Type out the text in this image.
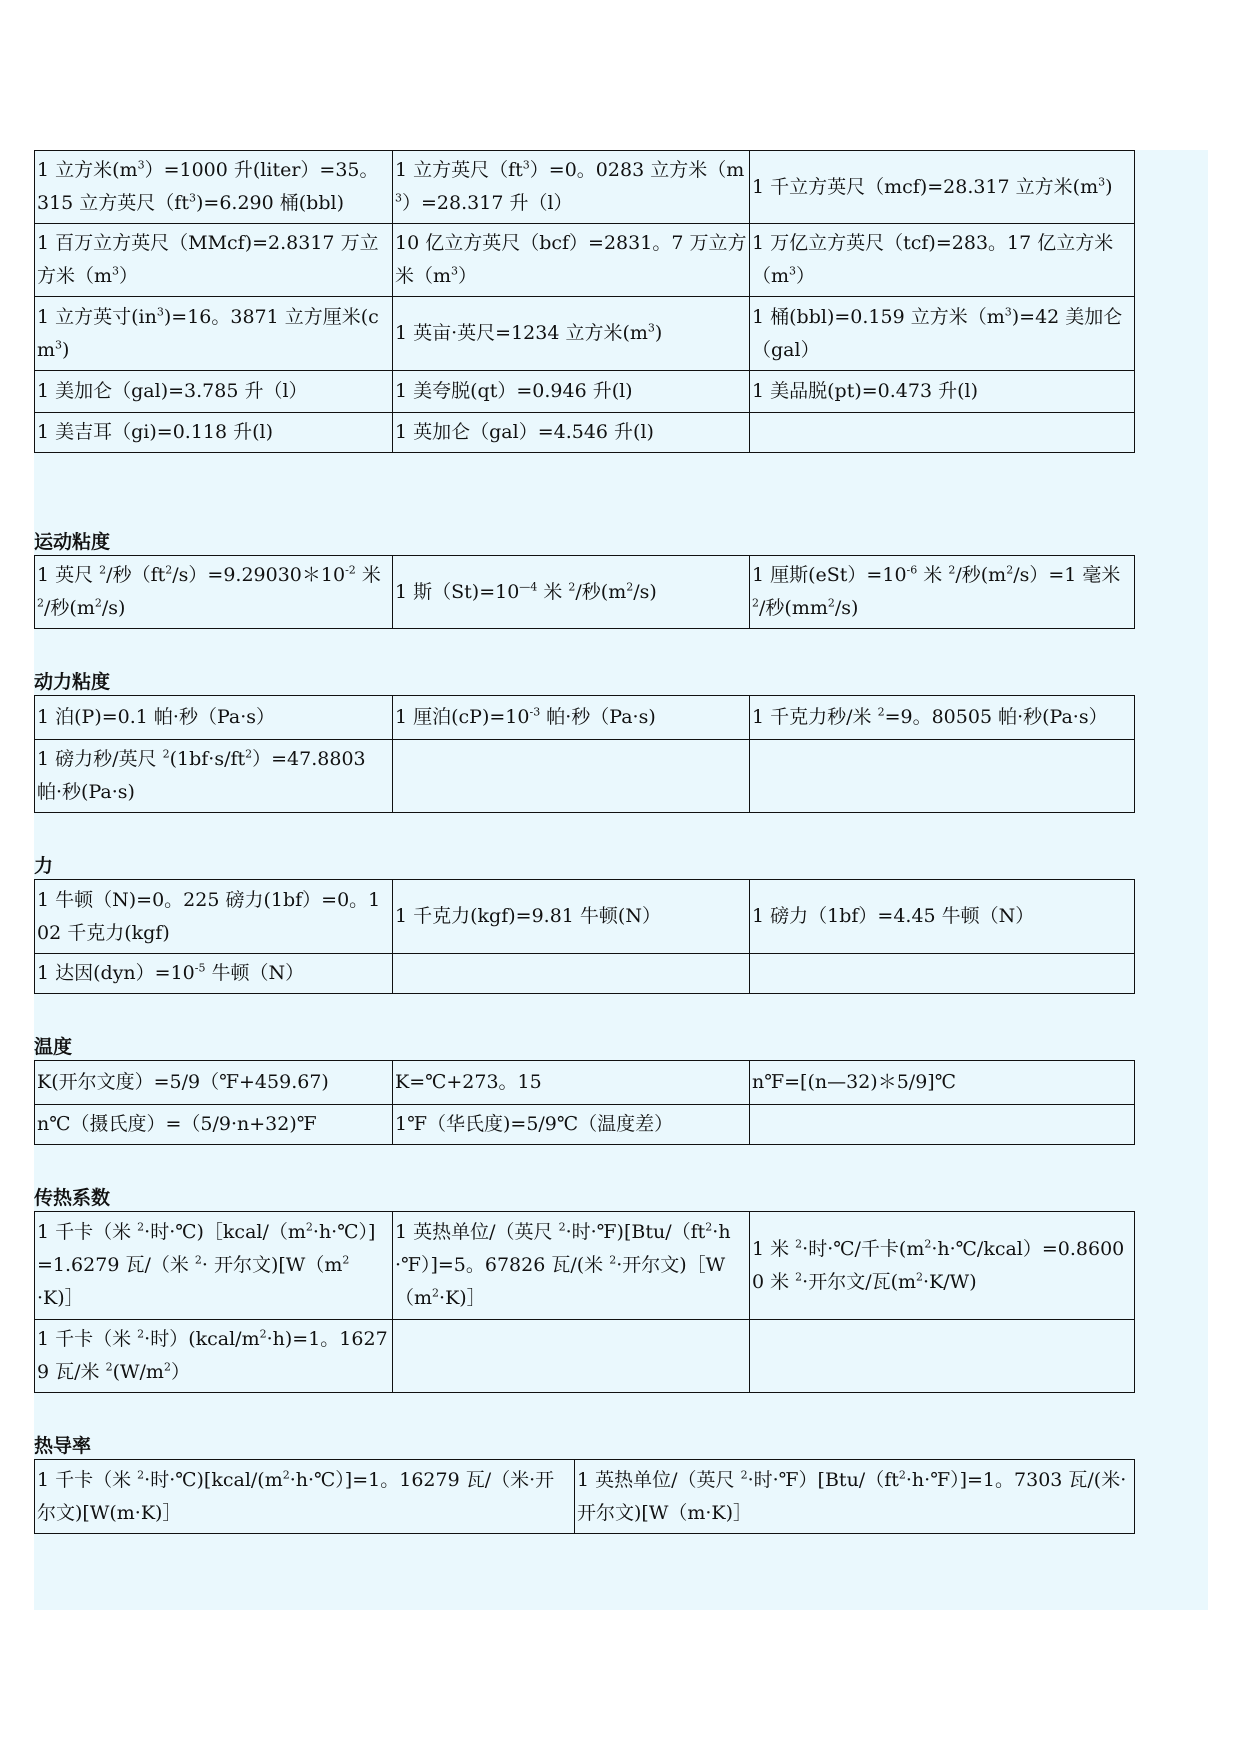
1 立方米$(m^3)=1000$ 升(liter）=35。315 立方英尺$(ft^3)=6.290$ 桶(bbl)	1 立方英尺$(ft^3)=0$。0283 立方米$(m^3)=28.317$ 升（l）	1 千立方英尺（mcf)=28.317 立方米$(m^3)$
1 百万立方英尺（MMcf)=2.8317 万立方米$(m^3)$	10 亿立方英尺（bcf）=2831。7 万立方米$(m^3)$	1 万亿立方英尺（tcf)=283。17 亿立方米$(m^3)$
1 立方英寸$(in^3)=16$。3871 立方厘米$(cm^3)$	1 英亩·英尺=1234 立方米$(m^3)$	1 桶(bbl)=0.159 立方米$(m^3)=42$ 美加仑（gal）
1 美加仑（gal)=3.785 升（l）	1 美夸脱(qt）=0.946 升(l)	1 美品脱(pt)=0.473 升(l)
1 美吉耳（gi)=0.118 升(l)	1 英加仑（gal）=4.546 升(l)	
运动粘度
1 英尺 $^2$/秒$(ft^2/s)=9.29030*10^{-2}$ 米 $^2$/秒$(m^2/s)$	1 斯$(St)=10^{—4}$ 米 $^2$/秒$(m^2/s)$	1 厘斯$(eSt)=10^{-6}$ 米 $^2$/秒$(m^2/s)=1$ 毫米 $^2$/秒$(mm^2/s)$
动力粘度
1 泊(P)=0.1 帕·秒（Pa·s）	1 厘泊$(cP)=10^{-3}$ 帕·秒（Pa·s)	1 千克力秒/米 $^2$=9。80505 帕·秒(Pa·s）
1 磅力秒/英尺 $^2(1bf\cdot s/ft^2)=47.8803$ 帕·秒(Pa·s)		
力
1 牛顿（N)=0。225 磅力(1bf）=0。102 千克力(kgf)	1 千克力(kgf)=9.81 牛顿(N）	1 磅力（1bf）=4.45 牛顿（N）
1 达因$(dyn)=10^{-5}$ 牛顿（N）		
温度
K(开尔文度）=5/9（℉+459.67)	K=℃+273。15	n℉=[(n—32)＊5/9]℃
n℃（摄氏度）=（5/9·n+32)℉	1℉（华氏度)=5/9℃（温度差）	
传热系数
1 千卡（米 $^2$·时$\cdot℃)[kcal/(m^2\cdot h\cdot℃)]=1.6279$ 瓦/（米 $^2$· 开尔文)[$W(m^2\cdot K)]$	1 英热单位/（英尺 $^2$·时$\cdot℉)[Btu/(ft^2\cdot h\cdot℉)]=5$。67826 瓦/(米 $^2$·开尔文)$[W(m^2\cdot K)]$	1 米 $^2$·时·℃/千卡$(m^2\cdot h\cdot℃/kcal)=0.86000$ 米 $^2$·开尔文/瓦$(m^2\cdot K/W)$
1 千卡（米 $^2$·时）$(kcal/m^2\cdot h)=1$。16279 瓦/米 $^2(W/m^2)$		
热导率
1 千卡（米 $^2$·时$\cdot℃)[kcal/(m^2\cdot h\cdot℃)]=1$。16279 瓦/（米·开尔文)[W(m·K)］	1 英热单位/（英尺 $^2$·时$\cdot℉)[Btu/(ft^2\cdot h\cdot℉)]=1$。7303 瓦/(米·开尔文)[W（m·K)］
